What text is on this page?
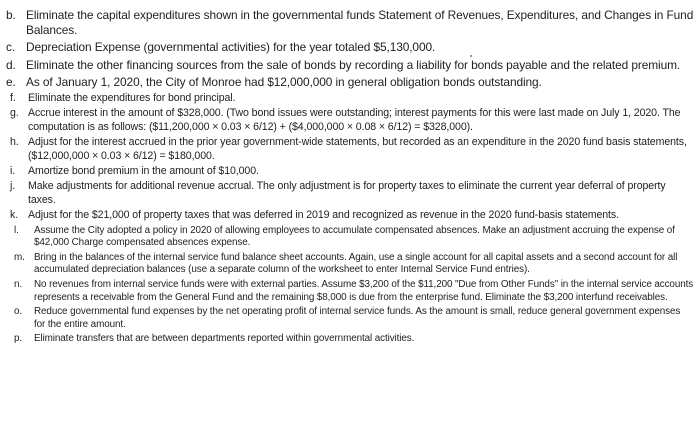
b. Eliminate the capital expenditures shown in the governmental funds Statement of Revenues, Expenditures, and Changes in Fund Balances.
c. Depreciation Expense (governmental activities) for the year totaled $5,130,000.
d. Eliminate the other financing sources from the sale of bonds by recording a liability for bonds payable and the related premium.
e. As of January 1, 2020, the City of Monroe had $12,000,000 in general obligation bonds outstanding.
f.	Eliminate the expenditures for bond principal.
g. Accrue interest in the amount of $328,000. (Two bond issues were outstanding; interest payments for this were last made on July 1, 2020. The computation is as follows: ($11,200,000 × 0.03 × 6/12) + ($4,000,000 × 0.08 × 6/12) = $328,000).
h. Adjust for the interest accrued in the prior year government-wide statements, but recorded as an expenditure in the 2020 fund basis statements, ($12,000,000 × 0.03 × 6/12) = $180,000.
i.	Amortize bond premium in the amount of $10,000.
j.	Make adjustments for additional revenue accrual. The only adjustment is for property taxes to eliminate the current year deferral of property taxes.
k. Adjust for the $21,000 of property taxes that was deferred in 2019 and recognized as revenue in the 2020 fund-basis statements.
l.	Assume the City adopted a policy in 2020 of allowing employees to accumulate compensated absences. Make an adjustment accruing the expense of $42,000 Charge compensated absences expense.
m. Bring in the balances of the internal service fund balance sheet accounts. Again, use a single account for all capital assets and a second account for all accumulated depreciation balances (use a separate column of the worksheet to enter Internal Service Fund entries).
n.	No revenues from internal service funds were with external parties. Assume $3,200 of the $11,200 "Due from Other Funds" in the internal service accounts represents a receivable from the General Fund and the remaining $8,000 is due from the enterprise fund. Eliminate the $3,200 interfund receivables.
o.	Reduce governmental fund expenses by the net operating profit of internal service funds. As the amount is small, reduce general government expenses for the entire amount.
p.	Eliminate transfers that are between departments reported within governmental activities.
